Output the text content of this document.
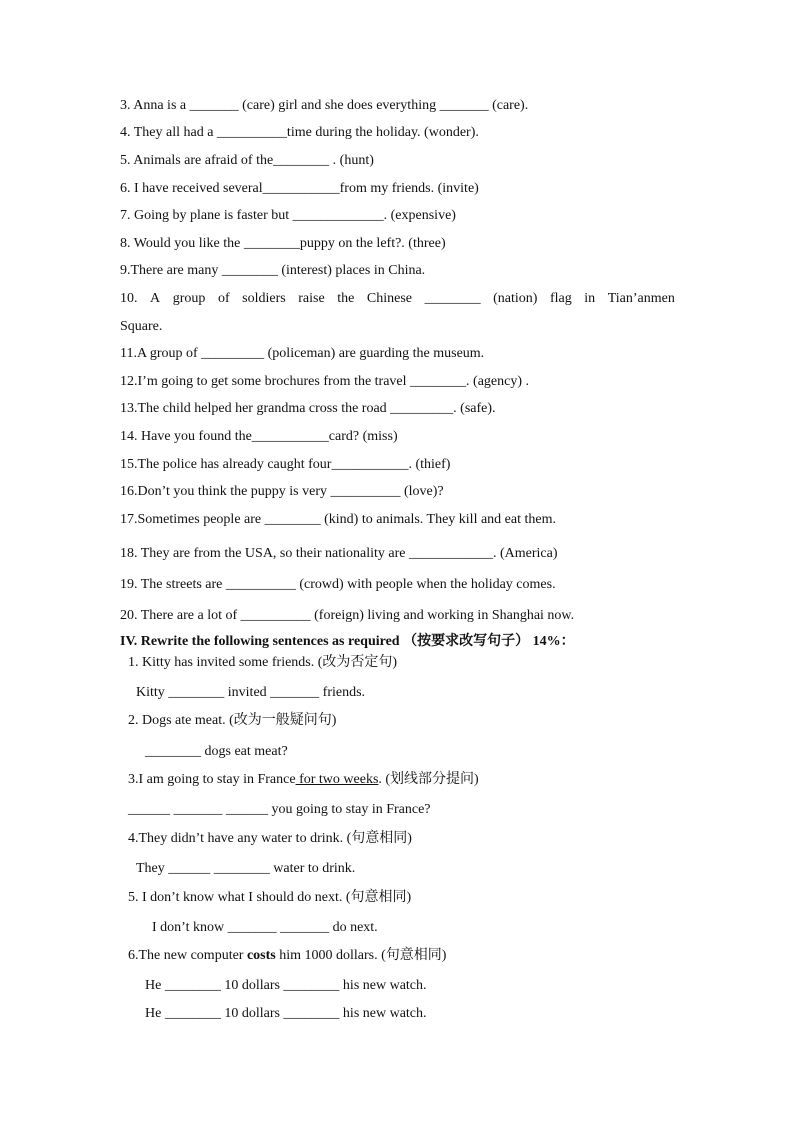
3. Anna is a _______ (care) girl and she does everything _______ (care).
4. They all had a __________time during the holiday. (wonder).
5. Animals are afraid of the________ . (hunt)
6. I have received several___________from my friends. (invite)
7. Going by plane is faster but _____________. (expensive)
8. Would you like the ________puppy on the left?. (three)
9.There are many ________ (interest) places in China.
10. A group of soldiers raise the Chinese ________ (nation) flag in Tian’anmen
Square.
11.A group of _________ (policeman) are guarding the museum.
12.I’m going to get some brochures from the travel ________. (agency) .
13.The child helped her grandma cross the road _________. (safe).
14. Have you found the___________card? (miss)
15.The police has already caught four___________. (thief)
16.Don’t you think the puppy is very __________ (love)?
17.Sometimes people are ________ (kind) to animals. They kill and eat them.
18. They are from the USA, so their nationality are ____________. (America)
19. The streets are __________ (crowd) with people when the holiday comes.
20. There are a lot of __________ (foreign) living and working in Shanghai now.
IV. Rewrite the following sentences as required （按要求改写句子） 14%：
1. Kitty has invited some friends. (改为否定句)
Kitty ________ invited _______ friends.
2. Dogs ate meat. (改为一般疑问句)
________ dogs eat meat?
3.I am going to stay in France for two weeks. (划线部分提问)
______ _______ ______ you going to stay in France?
4.They didn’t have any water to drink. (句意相同)
They ______ ________ water to drink.
5. I don’t know what I should do next. (句意相同)
I don’t know _______ _______ do next.
6.The new computer costs him 1000 dollars. (句意相同)
He ________ 10 dollars ________ his new watch.
He ________ 10 dollars ________ his new watch.
